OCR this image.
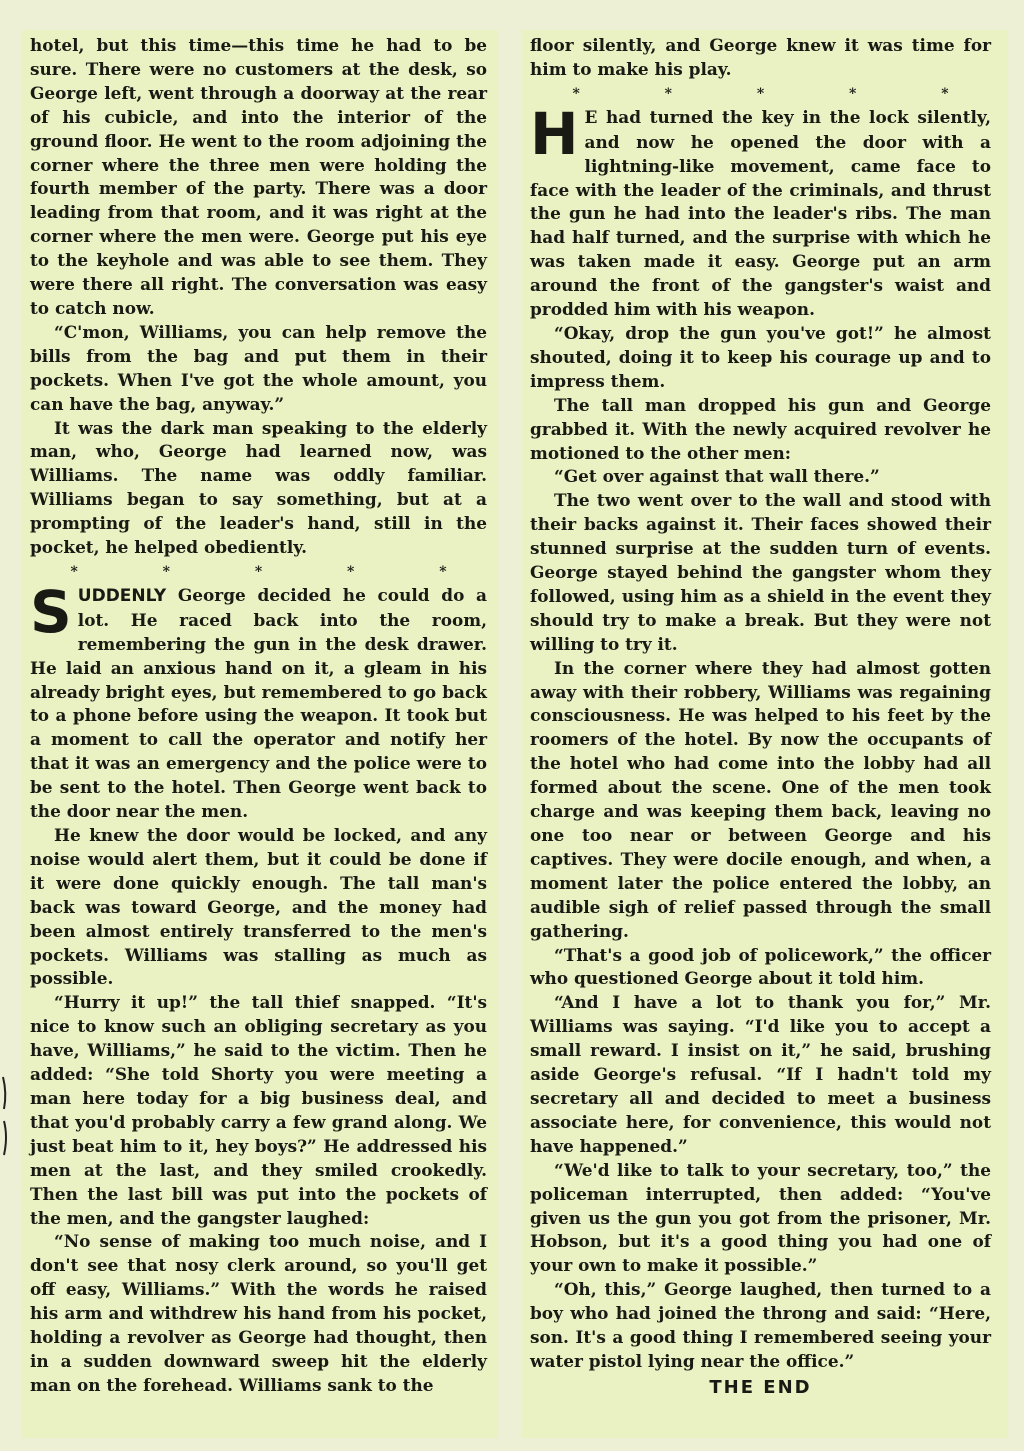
hotel, but this time—this time he had to be sure. There were no customers at the desk, so George left, went through a doorway at the rear of his cubicle, and into the interior of the ground floor. He went to the room adjoining the corner where the three men were holding the fourth member of the party. There was a door leading from that room, and it was right at the corner where the men were. George put his eye to the keyhole and was able to see them. They were there all right. The conversation was easy to catch now.

“C'mon, Williams, you can help remove the bills from the bag and put them in their pockets. When I've got the whole amount, you can have the bag, anyway.”

It was the dark man speaking to the elderly man, who, George had learned now, was Williams. The name was oddly familiar. Williams began to say something, but at a prompting of the leader's hand, still in the pocket, he helped obediently.

* * * * *

SUDDENLY George decided he could do a lot. He raced back into the room, remembering the gun in the desk drawer. He laid an anxious hand on it, a gleam in his already bright eyes, but remembered to go back to a phone before using the weapon. It took but a moment to call the operator and notify her that it was an emergency and the police were to be sent to the hotel. Then George went back to the door near the men.

He knew the door would be locked, and any noise would alert them, but it could be done if it were done quickly enough. The tall man's back was toward George, and the money had been almost entirely transferred to the men's pockets. Williams was stalling as much as possible.

“Hurry it up!” the tall thief snapped. “It's nice to know such an obliging secretary as you have, Williams,” he said to the victim. Then he added: “She told Shorty you were meeting a man here today for a big business deal, and that you'd probably carry a few grand along. We just beat him to it, hey boys?” He addressed his men at the last, and they smiled crookedly. Then the last bill was put into the pockets of the men, and the gangster laughed:

“No sense of making too much noise, and I don't see that nosy clerk around, so you'll get off easy, Williams.” With the words he raised his arm and withdrew his hand from his pocket, holding a revolver as George had thought, then in a sudden downward sweep hit the elderly man on the forehead. Williams sank to the

floor silently, and George knew it was time for him to make his play.

* * * * *

H E had turned the key in the lock silently, and now he opened the door with a lightning-like movement, came face to face with the leader of the criminals, and thrust the gun he had into the leader's ribs. The man had half turned, and the surprise with which he was taken made it easy. George put an arm around the front of the gangster's waist and prodded him with his weapon.

“Okay, drop the gun you've got!” he almost shouted, doing it to keep his courage up and to impress them.

The tall man dropped his gun and George grabbed it. With the newly acquired revolver he motioned to the other men:

“Get over against that wall there.”

The two went over to the wall and stood with their backs against it. Their faces showed their stunned surprise at the sudden turn of events. George stayed behind the gangster whom they followed, using him as a shield in the event they should try to make a break. But they were not willing to try it.

In the corner where they had almost gotten away with their robbery, Williams was regaining consciousness. He was helped to his feet by the roomers of the hotel. By now the occupants of the hotel who had come into the lobby had all formed about the scene. One of the men took charge and was keeping them back, leaving no one too near or between George and his captives. They were docile enough, and when, a moment later the police entered the lobby, an audible sigh of relief passed through the small gathering.

“That's a good job of policework,” the officer who questioned George about it told him.

“And I have a lot to thank you for,” Mr. Williams was saying. “I'd like you to accept a small reward. I insist on it,” he said, brushing aside George's refusal. “If I hadn't told my secretary all and decided to meet a business associate here, for convenience, this would not have happened.”

“We'd like to talk to your secretary, too,” the policeman interrupted, then added: “You've given us the gun you got from the prisoner, Mr. Hobson, but it's a good thing you had one of your own to make it possible.”

“Oh, this,” George laughed, then turned to a boy who had joined the throng and said: “Here, son. It's a good thing I remembered seeing your water pistol lying near the office.”

THE END
